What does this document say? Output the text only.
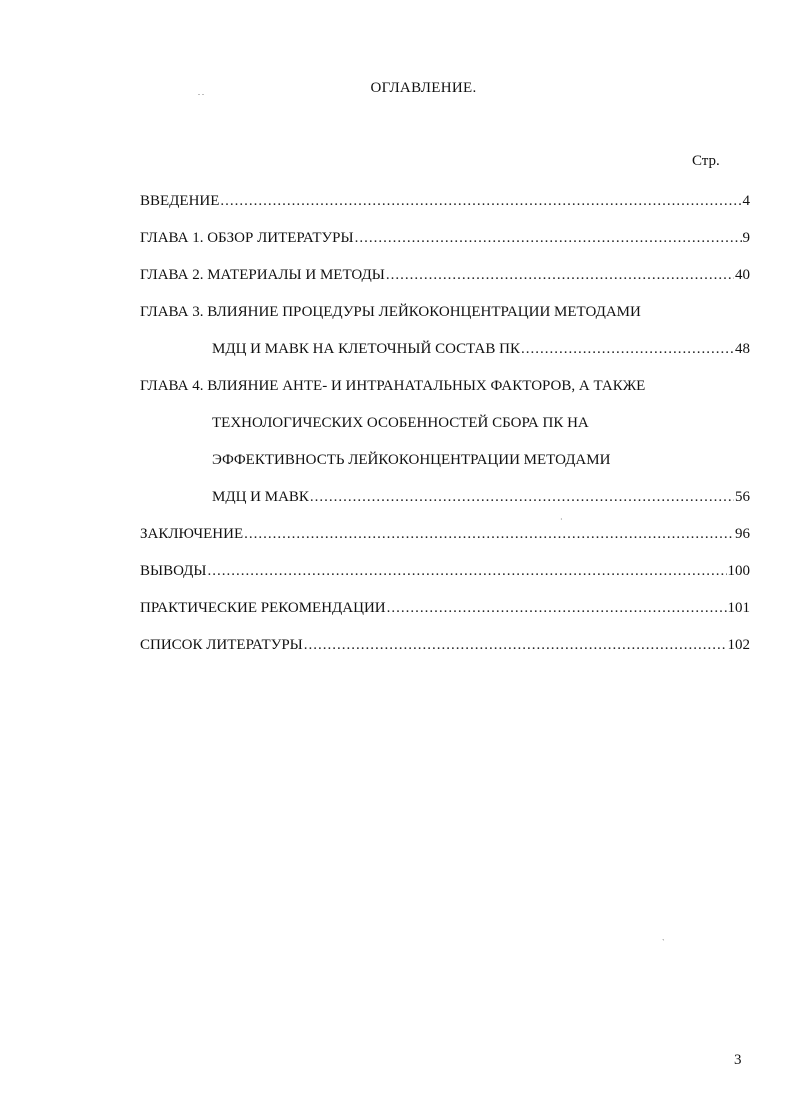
. .	ОГЛАВЛЕНИЕ.
Стр.
ВВЕДЕНИЕ .....	4
ГЛАВА 1. ОБЗОР ЛИТЕРАТУРЫ .....	9
ГЛАВА 2. МАТЕРИАЛЫ И МЕТОДЫ .....	40
ГЛАВА 3. ВЛИЯНИЕ ПРОЦЕДУРЫ ЛЕЙКОКОНЦЕНТРАЦИИ МЕТОДАМИ
МДЦ И МАВК НА КЛЕТОЧНЫЙ СОСТАВ ПК .....	48
ГЛАВА 4. ВЛИЯНИЕ АНТЕ- И ИНТРАНАТАЛЬНЫХ ФАКТОРОВ, А ТАКЖЕ
ТЕХНОЛОГИЧЕСКИХ ОСОБЕННОСТЕЙ СБОРА ПК НА
ЭФФЕКТИВНОСТЬ ЛЕЙКОКОНЦЕНТРАЦИИ МЕТОДАМИ
МДЦ И МАВК .....	56
ЗАКЛЮЧЕНИЕ .....	96
ВЫВОДЫ .....	100
ПРАКТИЧЕСКИЕ РЕКОМЕНДАЦИИ .....	101
СПИСОК ЛИТЕРАТУРЫ .....	102
·
ˋ
3
